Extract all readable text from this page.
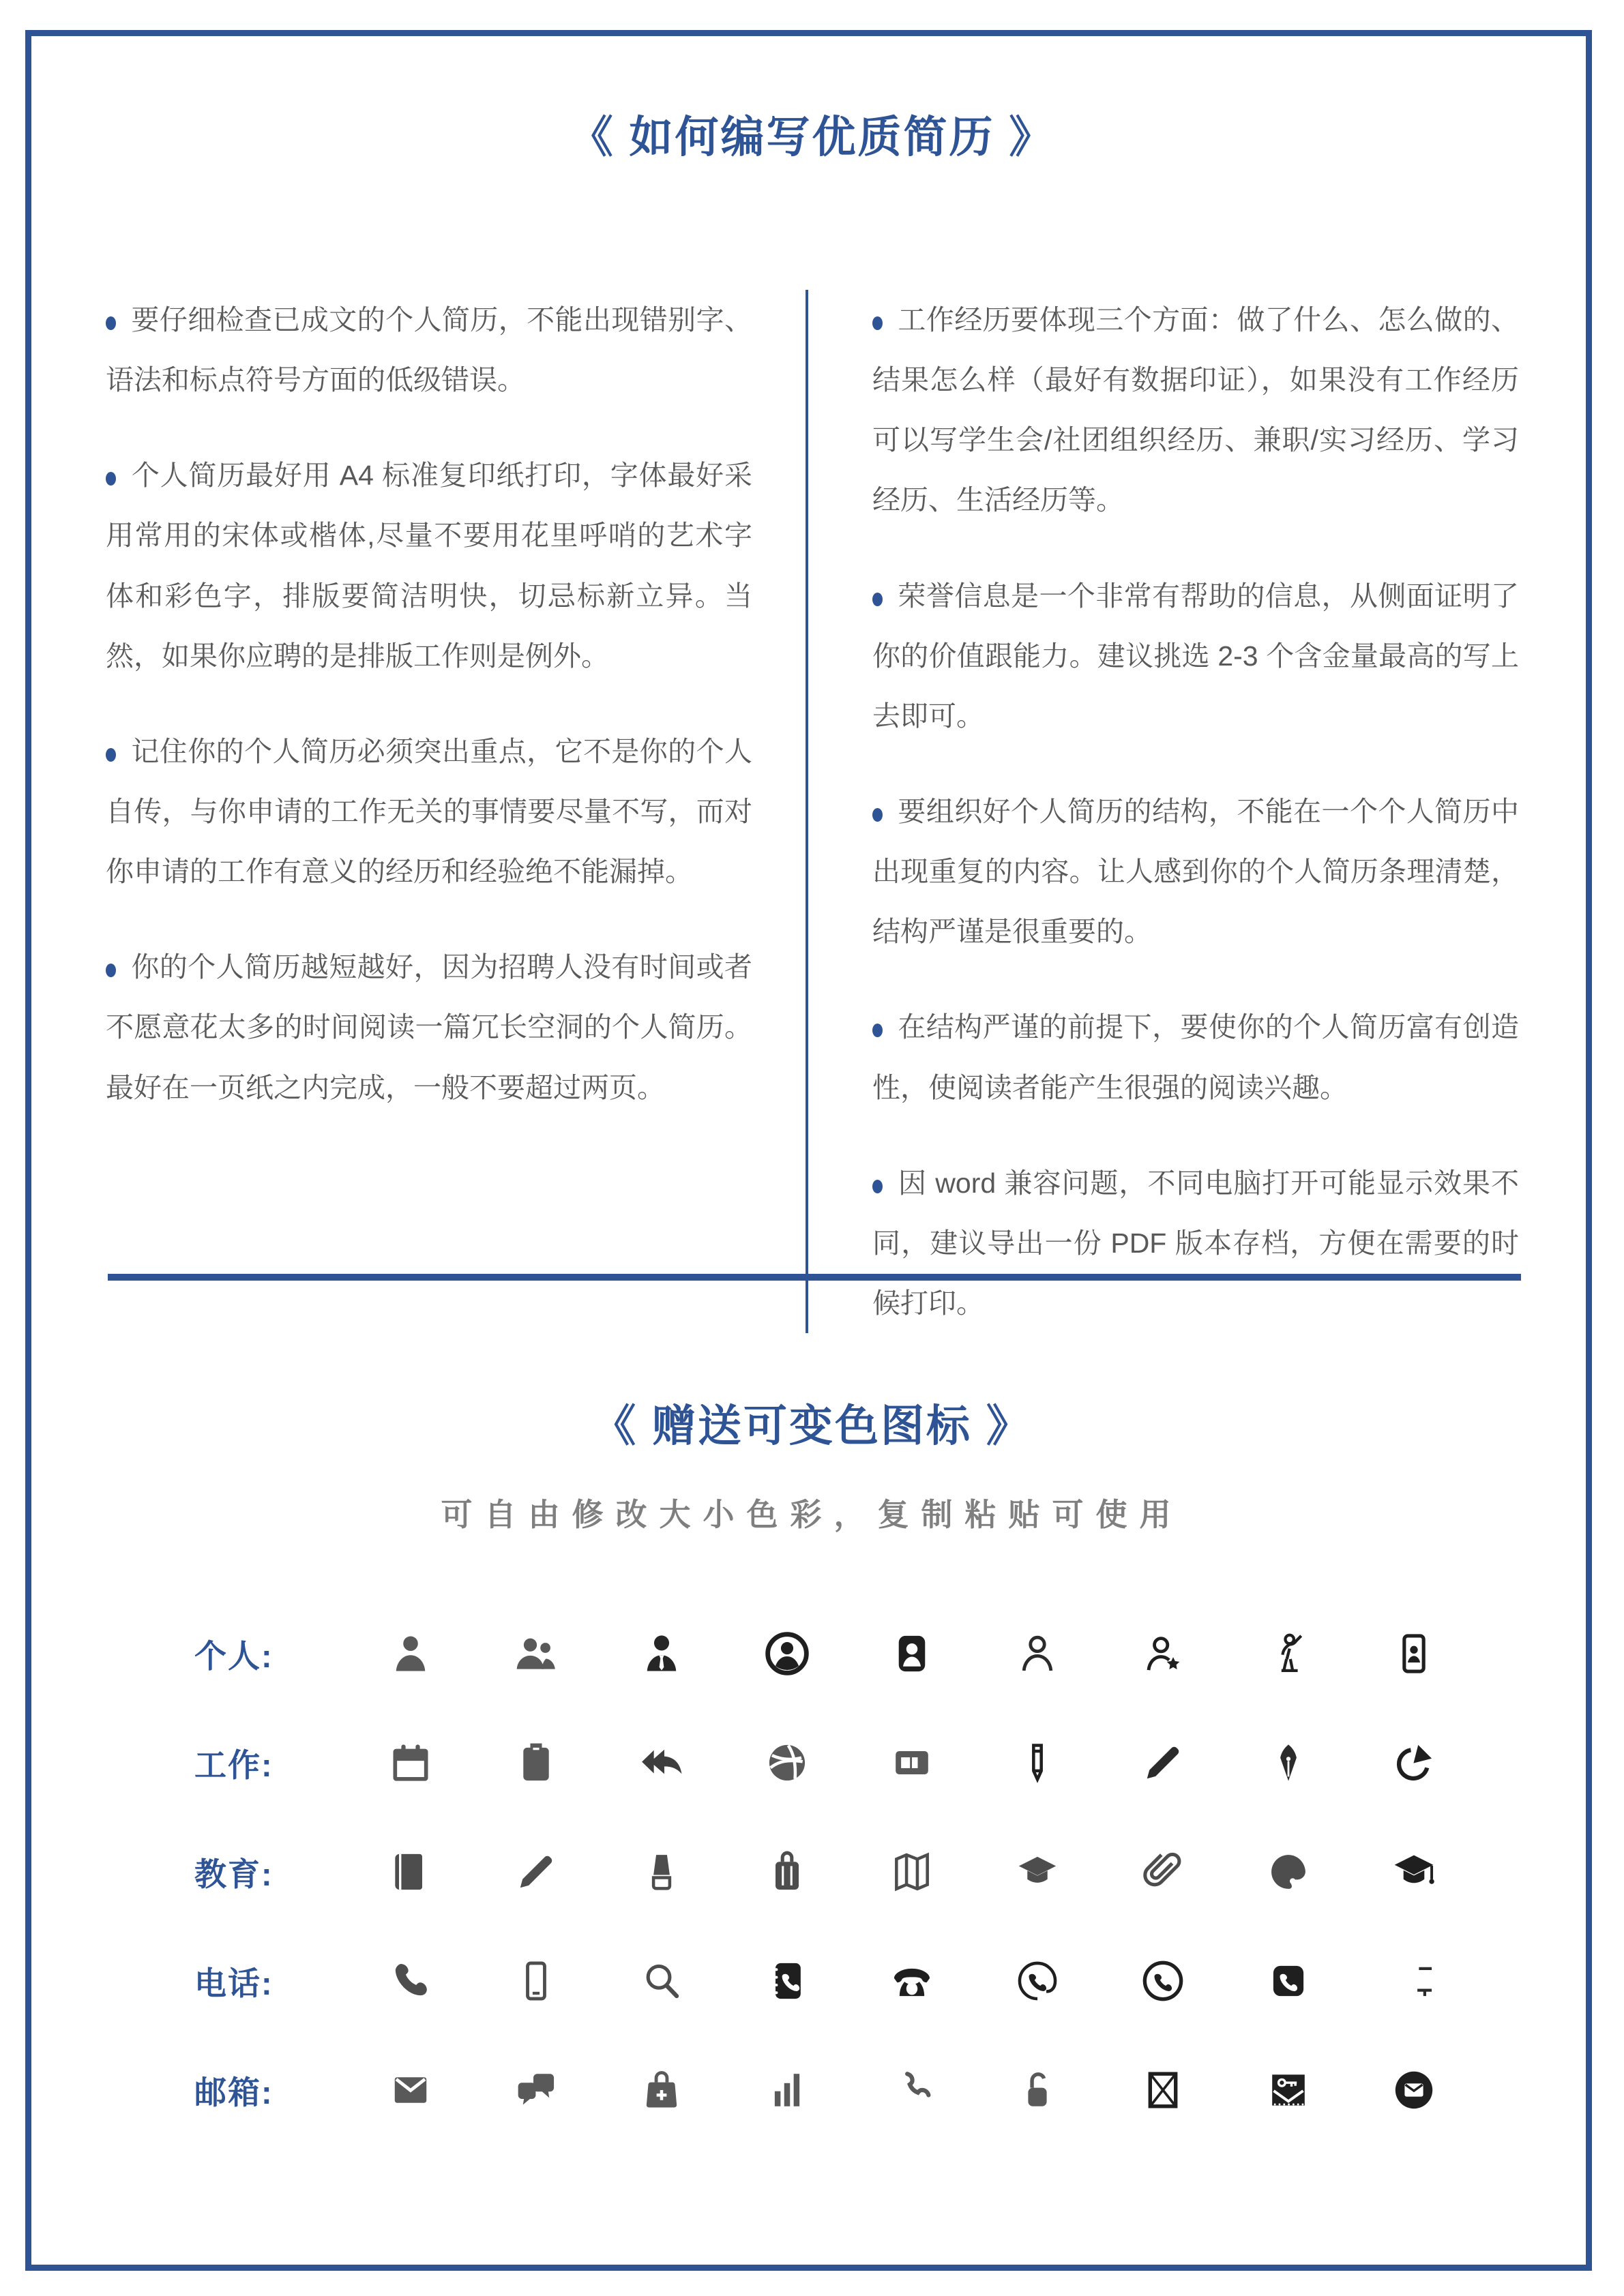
《 如何编写优质简历 》
要仔细检查已成文的个人简历，不能出现错别字、语法和标点符号方面的低级错误。
个人简历最好用 A4 标准复印纸打印，字体最好采用常用的宋体或楷体,尽量不要用花里呼哨的艺术字体和彩色字，排版要简洁明快，切忌标新立异。当然，如果你应聘的是排版工作则是例外。
记住你的个人简历必须突出重点，它不是你的个人自传，与你申请的工作无关的事情要尽量不写，而对你申请的工作有意义的经历和经验绝不能漏掉。
你的个人简历越短越好，因为招聘人没有时间或者不愿意花太多的时间阅读一篇冗长空洞的个人简历。最好在一页纸之内完成，一般不要超过两页。
工作经历要体现三个方面：做了什么、怎么做的、结果怎么样（最好有数据印证），如果没有工作经历可以写学生会/社团组织经历、兼职/实习经历、学习经历、生活经历等。
荣誉信息是一个非常有帮助的信息，从侧面证明了你的价值跟能力。建议挑选 2-3 个含金量最高的写上去即可。
要组织好个人简历的结构，不能在一个个人简历中出现重复的内容。让人感到你的个人简历条理清楚，结构严谨是很重要的。
在结构严谨的前提下，要使你的个人简历富有创造性，使阅读者能产生很强的阅读兴趣。
因 word 兼容问题，不同电脑打开可能显示效果不同，建议导出一份 PDF 版本存档，方便在需要的时候打印。
《 赠送可变色图标 》
可自由修改大小色彩，复制粘贴可使用
个人:
工作:
教育:
电话:
邮箱:
